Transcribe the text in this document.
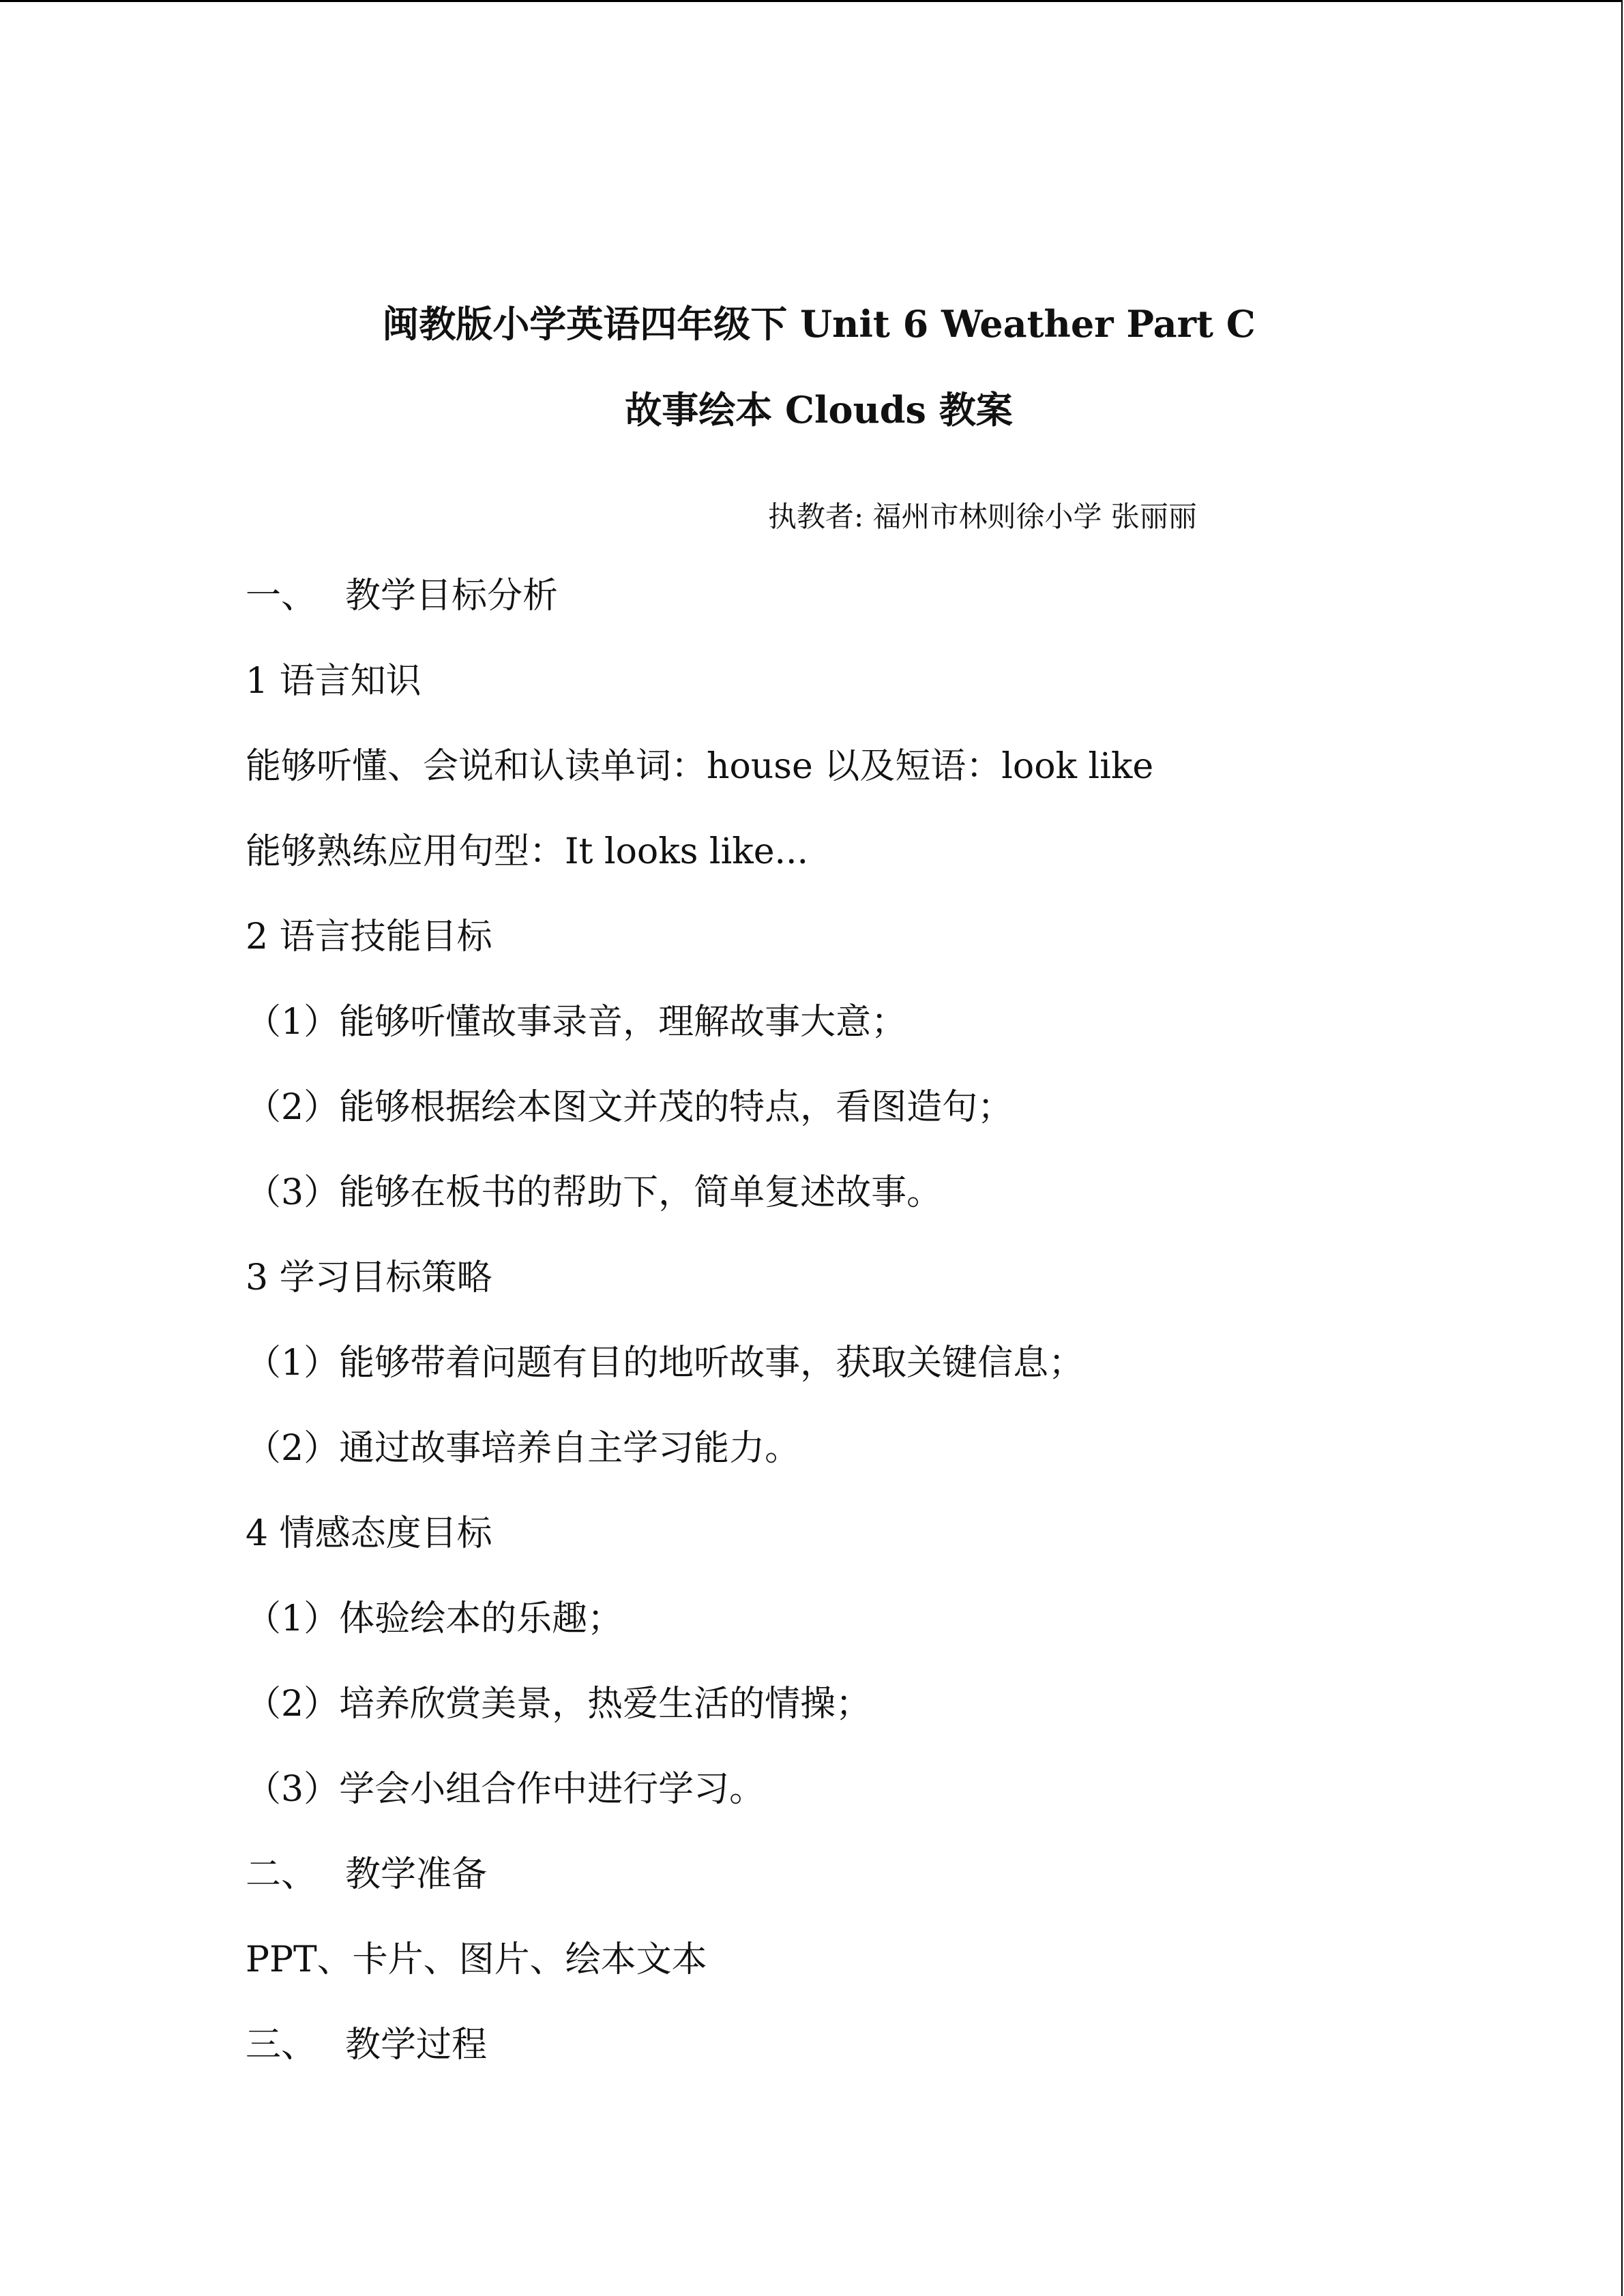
闽教版小学英语四年级下 Unit 6 Weather Part C
故事绘本 Clouds 教案
执教者: 福州市林则徐小学 张丽丽
一、 教学目标分析
1 语言知识
能够听懂、会说和认读单词：house 以及短语：look like
能够熟练应用句型：It looks like...
2 语言技能目标
（1）能够听懂故事录音，理解故事大意；
（2）能够根据绘本图文并茂的特点，看图造句；
（3）能够在板书的帮助下，简单复述故事。
3 学习目标策略
（1）能够带着问题有目的地听故事，获取关键信息；
（2）通过故事培养自主学习能力。
4 情感态度目标
（1）体验绘本的乐趣；
（2）培养欣赏美景，热爱生活的情操；
（3）学会小组合作中进行学习。
二、 教学准备
PPT、卡片、图片、绘本文本
三、 教学过程
